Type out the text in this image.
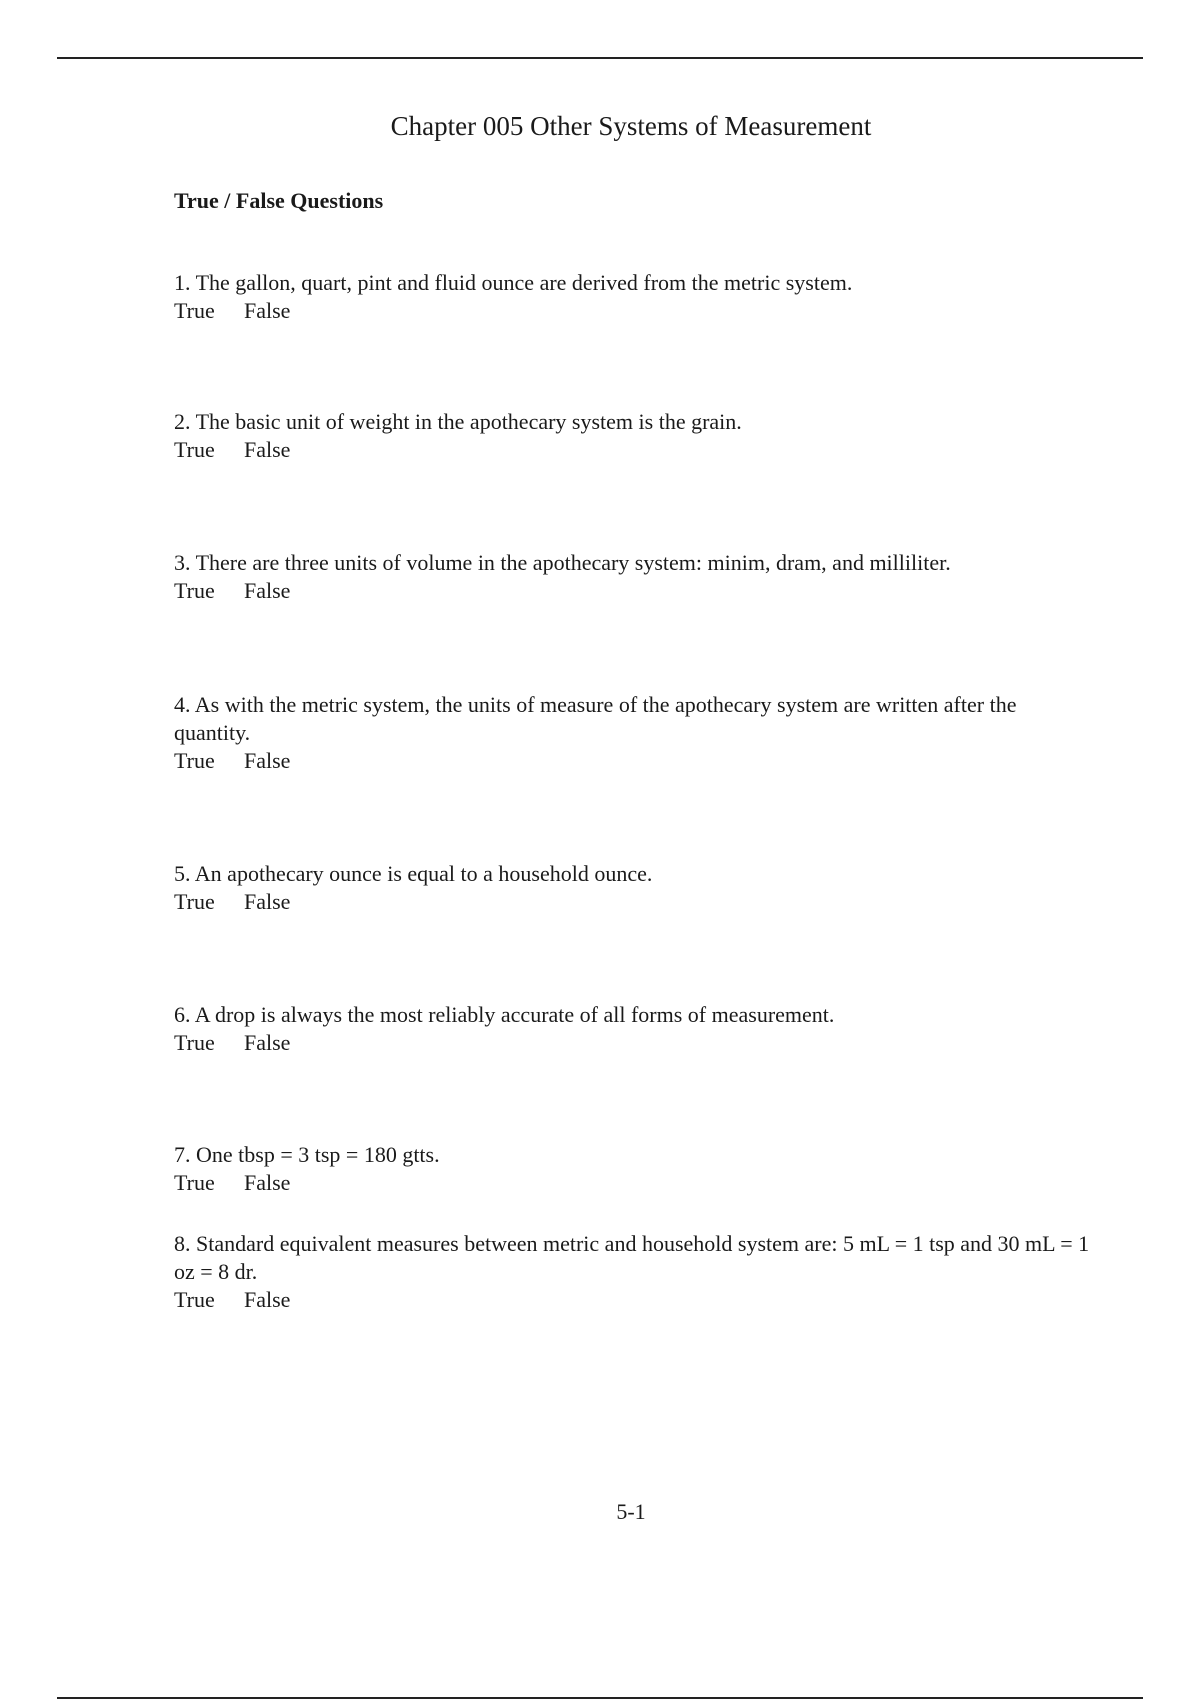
Chapter 005 Other Systems of Measurement
True / False Questions
1. The gallon, quart, pint and fluid ounce are derived from the metric system.
True False
2. The basic unit of weight in the apothecary system is the grain.
True False
3. There are three units of volume in the apothecary system: minim, dram, and milliliter.
True False
4. As with the metric system, the units of measure of the apothecary system are written after the quantity.
True False
5. An apothecary ounce is equal to a household ounce.
True False
6. A drop is always the most reliably accurate of all forms of measurement.
True False
7. One tbsp = 3 tsp = 180 gtts.
True False
8. Standard equivalent measures between metric and household system are: 5 mL = 1 tsp and 30 mL = 1 oz = 8 dr.
True False
5-1
